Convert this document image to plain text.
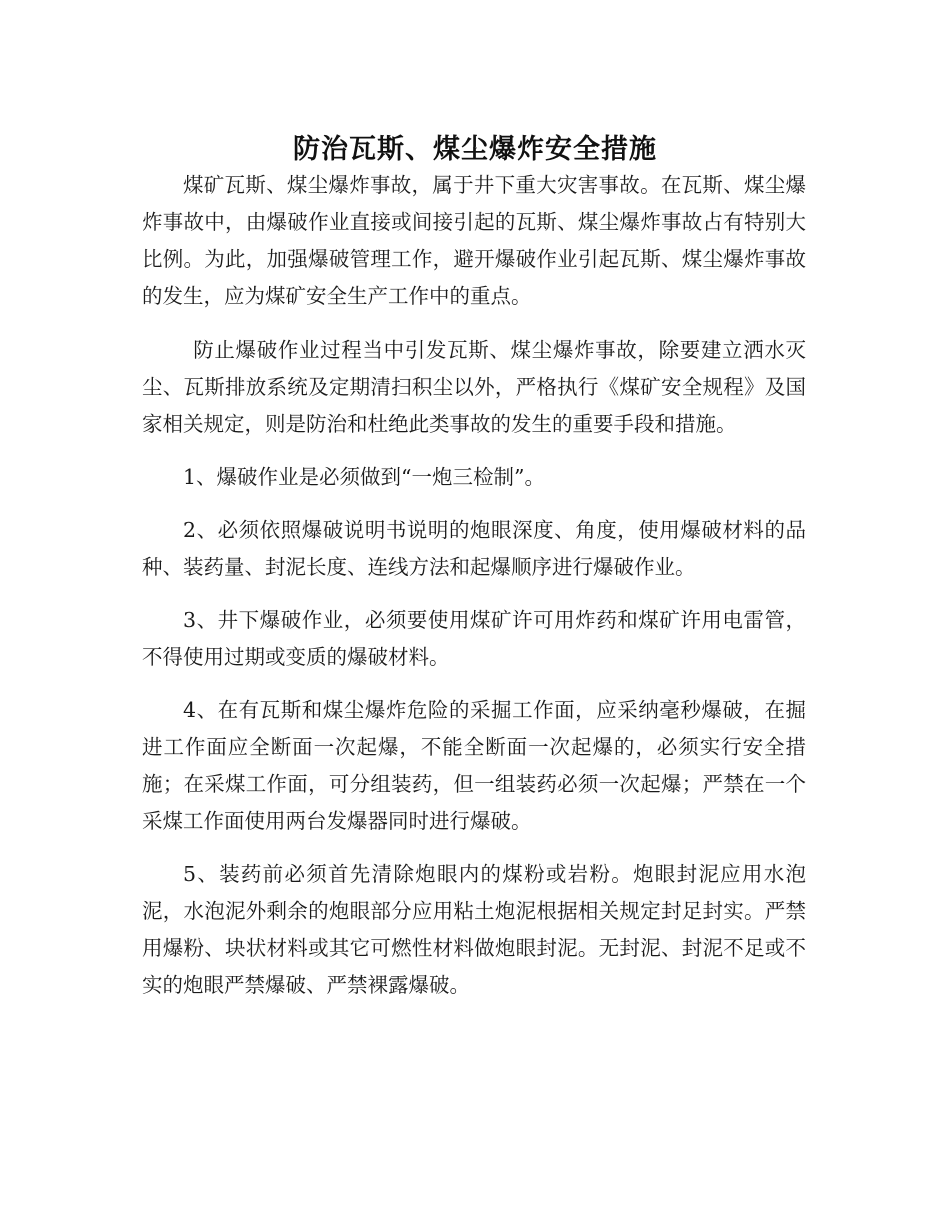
防治瓦斯、煤尘爆炸安全措施

煤矿瓦斯、煤尘爆炸事故，属于井下重大灾害事故。在瓦斯、煤尘爆炸事故中，由爆破作业直接或间接引起的瓦斯、煤尘爆炸事故占有特别大比例。为此，加强爆破管理工作，避开爆破作业引起瓦斯、煤尘爆炸事故的发生，应为煤矿安全生产工作中的重点。

防止爆破作业过程当中引发瓦斯、煤尘爆炸事故，除要建立洒水灭尘、瓦斯排放系统及定期清扫积尘以外，严格执行《煤矿安全规程》及国家相关规定，则是防治和杜绝此类事故的发生的重要手段和措施。

1、爆破作业是必须做到“一炮三检制”。

2、必须依照爆破说明书说明的炮眼深度、角度，使用爆破材料的品种、装药量、封泥长度、连线方法和起爆顺序进行爆破作业。

3、井下爆破作业，必须要使用煤矿许可用炸药和煤矿许用电雷管，不得使用过期或变质的爆破材料。

4、在有瓦斯和煤尘爆炸危险的采掘工作面，应采纳毫秒爆破，在掘进工作面应全断面一次起爆，不能全断面一次起爆的，必须实行安全措施；在采煤工作面，可分组装药，但一组装药必须一次起爆；严禁在一个采煤工作面使用两台发爆器同时进行爆破。

5、装药前必须首先清除炮眼内的煤粉或岩粉。炮眼封泥应用水泡泥，水泡泥外剩余的炮眼部分应用粘土炮泥根据相关规定封足封实。严禁用爆粉、块状材料或其它可燃性材料做炮眼封泥。无封泥、封泥不足或不实的炮眼严禁爆破、严禁裸露爆破。
